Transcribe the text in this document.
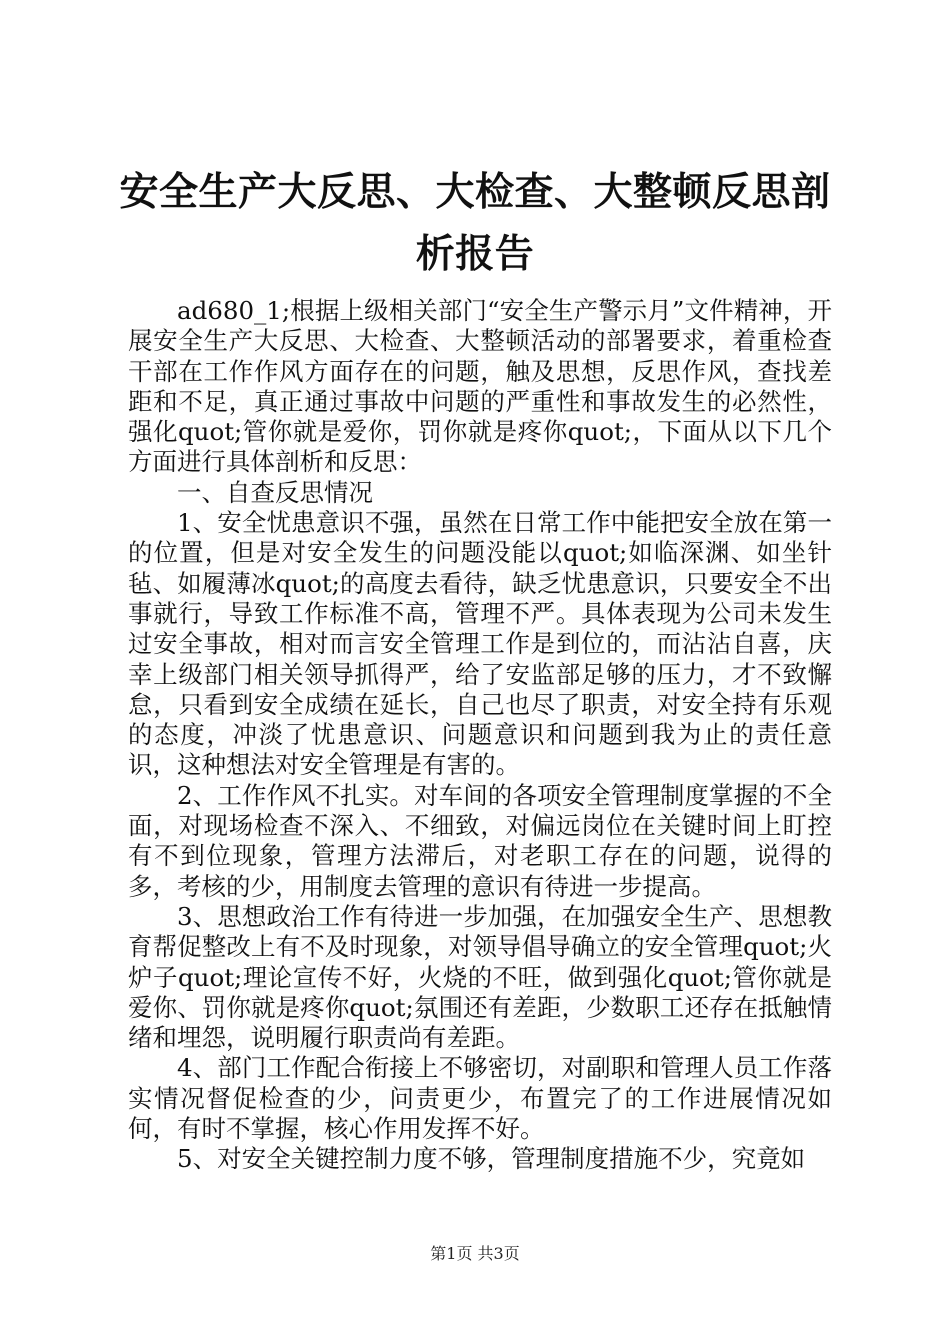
安全生产大反思、大检查、大整顿反思剖析报告

ad680_1;根据上级相关部门“安全生产警示月”文件精神，开展安全生产大反思、大检查、大整顿活动的部署要求，着重检查干部在工作作风方面存在的问题，触及思想，反思作风，查找差距和不足，真正通过事故中问题的严重性和事故发生的必然性，强化quot;管你就是爱你，罚你就是疼你quot;，下面从以下几个方面进行具体剖析和反思：

一、自查反思情况

1、安全忧患意识不强，虽然在日常工作中能把安全放在第一的位置，但是对安全发生的问题没能以quot;如临深渊、如坐针毡、如履薄冰quot;的高度去看待，缺乏忧患意识，只要安全不出事就行，导致工作标准不高，管理不严。具体表现为公司未发生过安全事故，相对而言安全管理工作是到位的，而沾沾自喜，庆幸上级部门相关领导抓得严，给了安监部足够的压力，才不致懈怠，只看到安全成绩在延长，自己也尽了职责，对安全持有乐观的态度，冲淡了忧患意识、问题意识和问题到我为止的责任意识，这种想法对安全管理是有害的。

2、工作作风不扎实。对车间的各项安全管理制度掌握的不全面，对现场检查不深入、不细致，对偏远岗位在关键时间上盯控有不到位现象，管理方法滞后，对老职工存在的问题，说得的多，考核的少，用制度去管理的意识有待进一步提高。

3、思想政治工作有待进一步加强，在加强安全生产、思想教育帮促整改上有不及时现象，对领导倡导确立的安全管理quot;火炉子quot;理论宣传不好，火烧的不旺，做到强化quot;管你就是爱你、罚你就是疼你quot;氛围还有差距，少数职工还存在抵触情绪和埋怨，说明履行职责尚有差距。

4、部门工作配合衔接上不够密切，对副职和管理人员工作落实情况督促检查的少，问责更少，布置完了的工作进展情况如何，有时不掌握，核心作用发挥不好。

5、对安全关键控制力度不够，管理制度措施不少，究竟如

第1页 共3页
